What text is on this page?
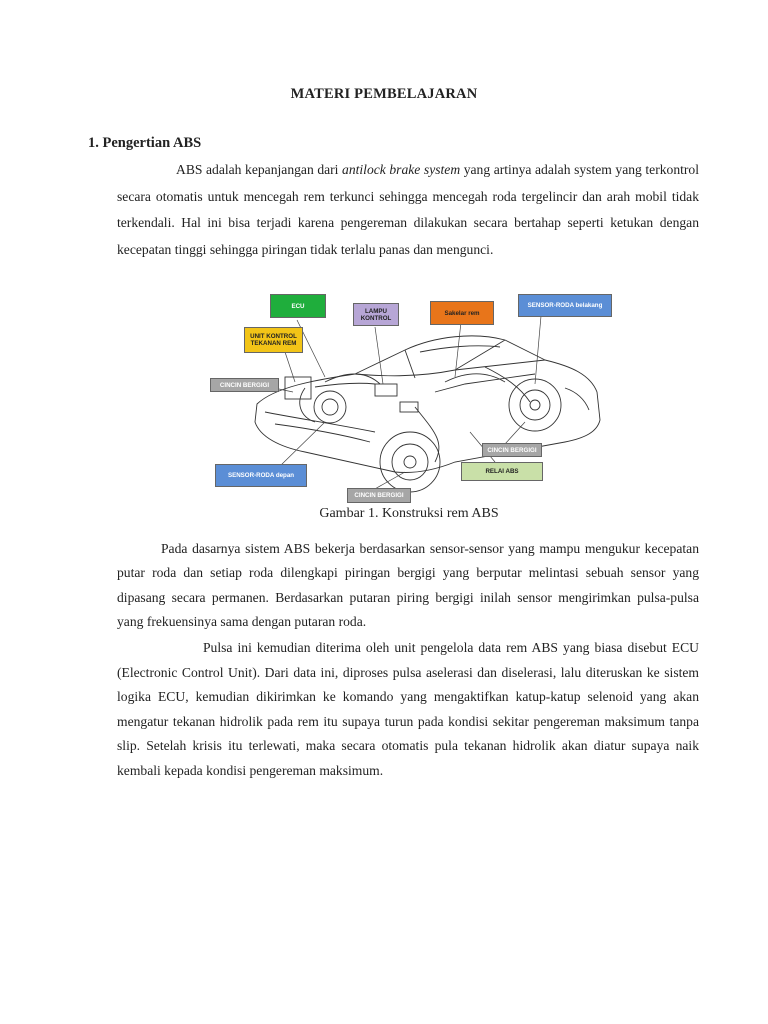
MATERI PEMBELAJARAN
1. Pengertian ABS

ABS adalah kepanjangan dari antilock brake system yang artinya adalah system yang terkontrol secara otomatis untuk mencegah rem terkunci sehingga mencegah roda tergelincir dan arah mobil tidak terkendali. Hal ini bisa terjadi karena pengereman dilakukan secara bertahap seperti ketukan dengan kecepatan tinggi sehingga piringan tidak terlalu panas dan mengunci.

ECU
LAMPU KONTROL
Sakelar rem
SENSOR-RODA belakang
UNIT KONTROL TEKANAN REM
CINCIN BERGIGI
CINCIN BERGIGI
RELAI ABS
SENSOR-RODA depan
CINCIN BERGIGI
Gambar 1. Konstruksi rem ABS

Pada dasarnya sistem ABS bekerja berdasarkan sensor-sensor yang mampu mengukur kecepatan putar roda dan setiap roda dilengkapi piringan bergigi yang berputar melintasi sebuah sensor yang dipasang secara permanen. Berdasarkan putaran piring bergigi inilah sensor mengirimkan pulsa-pulsa yang frekuensinya sama dengan putaran roda.

Pulsa ini kemudian diterima oleh unit pengelola data rem ABS yang biasa disebut ECU (Electronic Control Unit). Dari data ini, diproses pulsa aselerasi dan diselerasi, lalu diteruskan ke sistem logika ECU, kemudian dikirimkan ke komando yang mengaktifkan katup-katup selenoid yang akan mengatur tekanan hidrolik pada rem itu supaya turun pada kondisi sekitar pengereman maksimum tanpa slip. Setelah krisis itu terlewati, maka secara otomatis pula tekanan hidrolik akan diatur supaya naik kembali kepada kondisi pengereman maksimum.
